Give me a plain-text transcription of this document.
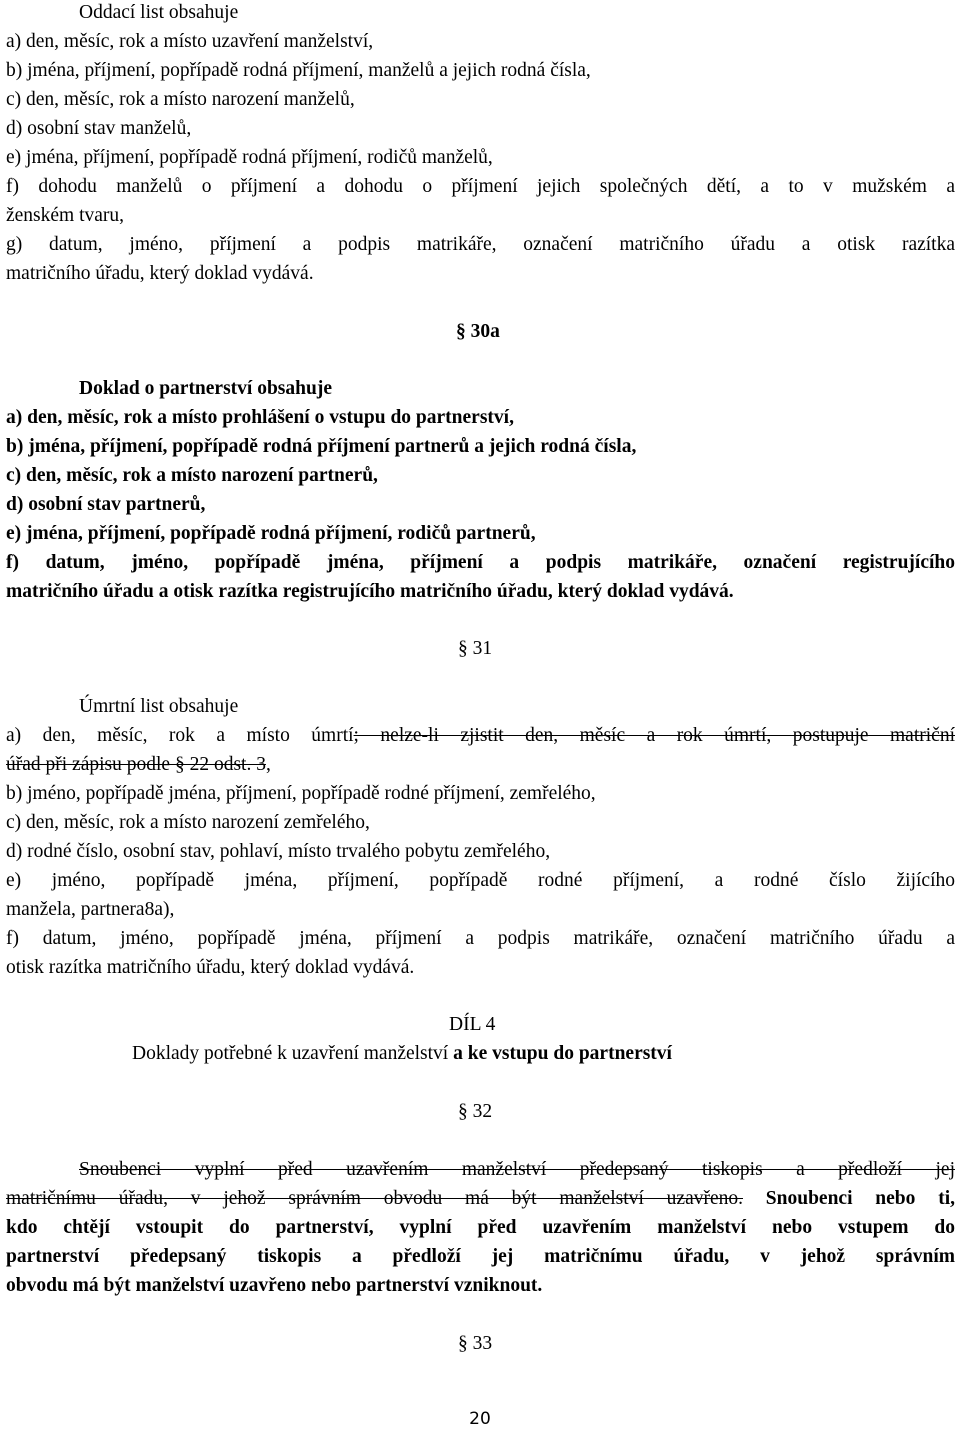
Oddací list obsahuje
a) den, měsíc, rok a místo uzavření manželství,
b) jména, příjmení, popřípadě rodná příjmení, manželů a jejich rodná čísla,
c) den, měsíc, rok a místo narození manželů,
d) osobní stav manželů,
e) jména, příjmení, popřípadě rodná příjmení, rodičů manželů,
f) dohodu manželů o příjmení a dohodu o příjmení jejich společných dětí, a to v mužském a
ženském tvaru,
g) datum, jméno, příjmení a podpis matrikáře, označení matričního úřadu a otisk razítka
matričního úřadu, který doklad vydává.
§ 30a
Doklad o partnerství obsahuje
a) den, měsíc, rok a místo prohlášení o vstupu do partnerství,
b) jména, příjmení, popřípadě rodná příjmení partnerů a jejich rodná čísla,
c) den, měsíc, rok a místo narození partnerů,
d) osobní stav partnerů,
e) jména, příjmení, popřípadě rodná příjmení, rodičů partnerů,
f) datum, jméno, popřípadě jména, příjmení a podpis matrikáře, označení registrujícího
matričního úřadu a otisk razítka registrujícího matričního úřadu, který doklad vydává.
§ 31
Úmrtní list obsahuje
a) den, měsíc, rok a místo úmrtí; nelze-li zjistit den, měsíc a rok úmrtí, postupuje matriční
úřad při zápisu podle § 22 odst. 3,
b) jméno, popřípadě jména, příjmení, popřípadě rodné příjmení, zemřelého,
c) den, měsíc, rok a místo narození zemřelého,
d) rodné číslo, osobní stav, pohlaví, místo trvalého pobytu zemřelého,
e) jméno, popřípadě jména, příjmení, popřípadě rodné příjmení, a rodné číslo žijícího
manžela, partnera8a),
f) datum, jméno, popřípadě jména, příjmení a podpis matrikáře, označení matričního úřadu a
otisk razítka matričního úřadu, který doklad vydává.
DÍL 4
Doklady potřebné k uzavření manželství a ke vstupu do partnerství
§ 32
Snoubenci vyplní před uzavřením manželství předepsaný tiskopis a předloží jej
matričnímu úřadu, v jehož správním obvodu má být manželství uzavřeno. Snoubenci nebo ti,
kdo chtějí vstoupit do partnerství, vyplní před uzavřením manželství nebo vstupem do
partnerství předepsaný tiskopis a předloží jej matričnímu úřadu, v jehož správním
obvodu má být manželství uzavřeno nebo partnerství vzniknout.
§ 33
20
